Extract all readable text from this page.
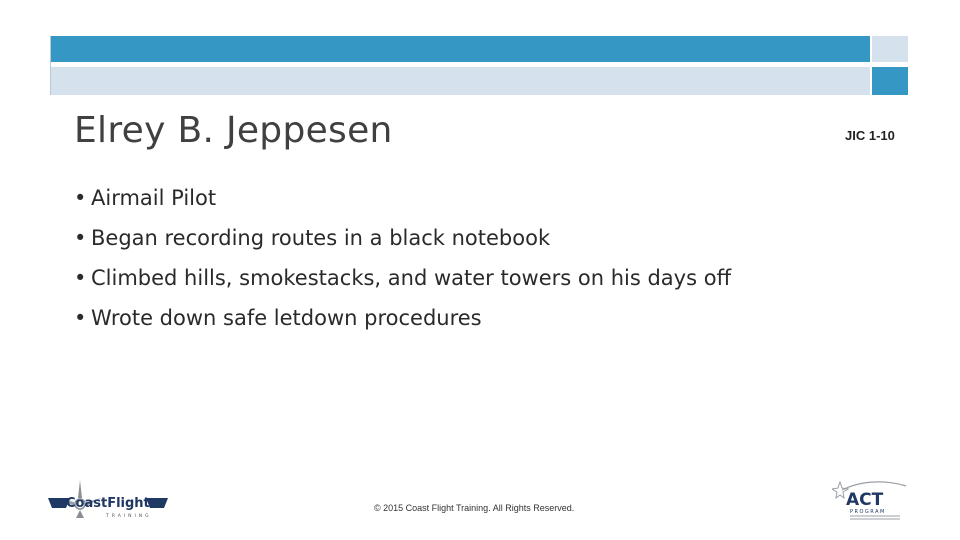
Elrey B. Jeppesen	JIC 1-10
• Airmail Pilot
• Began recording routes in a black notebook
• Climbed hills, smokestacks, and water towers on his days off
• Wrote down safe letdown procedures
CoastFlight
TRAINING
© 2015 Coast Flight Training. All Rights Reserved.	ACT
PROGRAM
